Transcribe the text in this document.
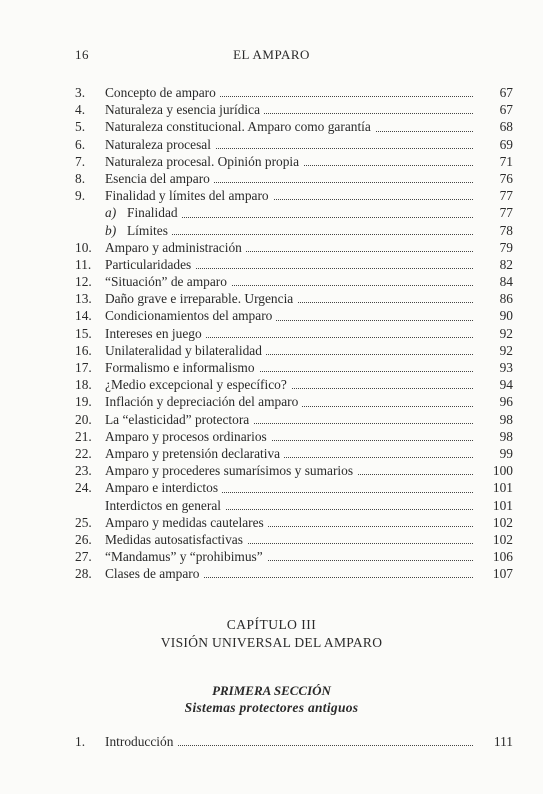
16	EL AMPARO
3.	Concepto de amparo	67
4.	Naturaleza y esencia jurídica	67
5.	Naturaleza constitucional. Amparo como garantía	68
6.	Naturaleza procesal	69
7.	Naturaleza procesal. Opinión propia	71
8.	Esencia del amparo	76
9.	Finalidad y límites del amparo	77
a) Finalidad	77
b) Límites	78
10. Amparo y administración	79
11.	Particularidades	82
12. “Situación” de amparo	84
13. Daño grave e irreparable. Urgencia	86
14. Condicionamientos del amparo	90
15. Intereses en juego	92
16. Unilateralidad y bilateralidad	92
17. Formalismo e informalismo	93
18. ¿Medio excepcional y específico?	94
19. Inflación y depreciación del amparo	96
20. La “elasticidad” protectora	98
21. Amparo y procesos ordinarios	98
22. Amparo y pretensión declarativa	99
23. Amparo y procederes sumarísimos y sumarios	100
24. Amparo e interdictos	101
Interdictos en general	101
25. Amparo y medidas cautelares	102
26. Medidas autosatisfactivas	102
27. “Mandamus” y “prohibimus”	106
28. Clases de amparo	107
CAPÍTULO III
VISIÓN UNIVERSAL DEL AMPARO
PRIMERA SECCIÓN
Sistemas protectores antiguos
1.	Introducción	111
